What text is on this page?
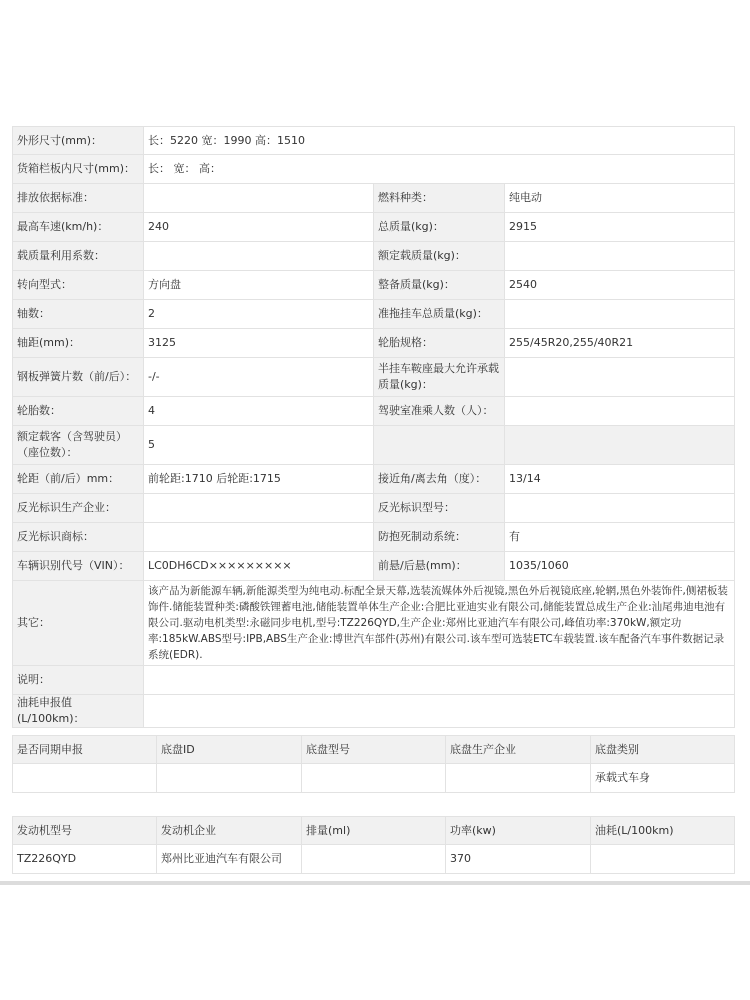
外形尺寸(mm)：	长：5220 宽：1990 高：1510		
货箱栏板内尺寸(mm)：	长： 宽： 高：		
排放依据标准：		燃料种类：	纯电动
最高车速(km/h)：	240	总质量(kg)：	2915
载质量利用系数：		额定载质量(kg)：	
转向型式：	方向盘	整备质量(kg)：	2540
轴数：	2	准拖挂车总质量(kg)：	
轴距(mm)：	3125	轮胎规格：	255/45R20,255/40R21
钢板弹簧片数（前/后）：	-/-	半挂车鞍座最大允许承载质量(kg)：	
轮胎数：	4	驾驶室准乘人数（人）：	
额定载客（含驾驶员）（座位数）：	5		
轮距（前/后）mm：	前轮距:1710 后轮距:1715	接近角/离去角（度）：	13/14
反光标识生产企业：		反光标识型号：	
反光标识商标：		防抱死制动系统：	有
车辆识别代号（VIN）：	LC0DH6CD×××××××××	前悬/后悬(mm)：	1035/1060
其它：	该产品为新能源车辆,新能源类型为纯电动.标配全景天幕,选装流媒体外后视镜,黑色外后视镜底座,轮辋,黑色外装饰件,侧裙板装饰件.储能装置种类:磷酸铁锂蓄电池,储能装置单体生产企业:合肥比亚迪实业有限公司,储能装置总成生产企业:汕尾弗迪电池有限公司.驱动电机类型:永磁同步电机,型号:TZ226QYD,生产企业:郑州比亚迪汽车有限公司,峰值功率:370kW,额定功率:185kW.ABS型号:IPB,ABS生产企业:博世汽车部件(苏州)有限公司.该车型可选装ETC车载装置.该车配备汽车事件数据记录系统(EDR).		
说明：			
油耗申报值(L/100km)：			
是否同期申报	底盘ID	底盘型号	底盘生产企业	底盘类别
				承载式车身
发动机型号	发动机企业	排量(ml)	功率(kw)	油耗(L/100km)
TZ226QYD	郑州比亚迪汽车有限公司		370	
